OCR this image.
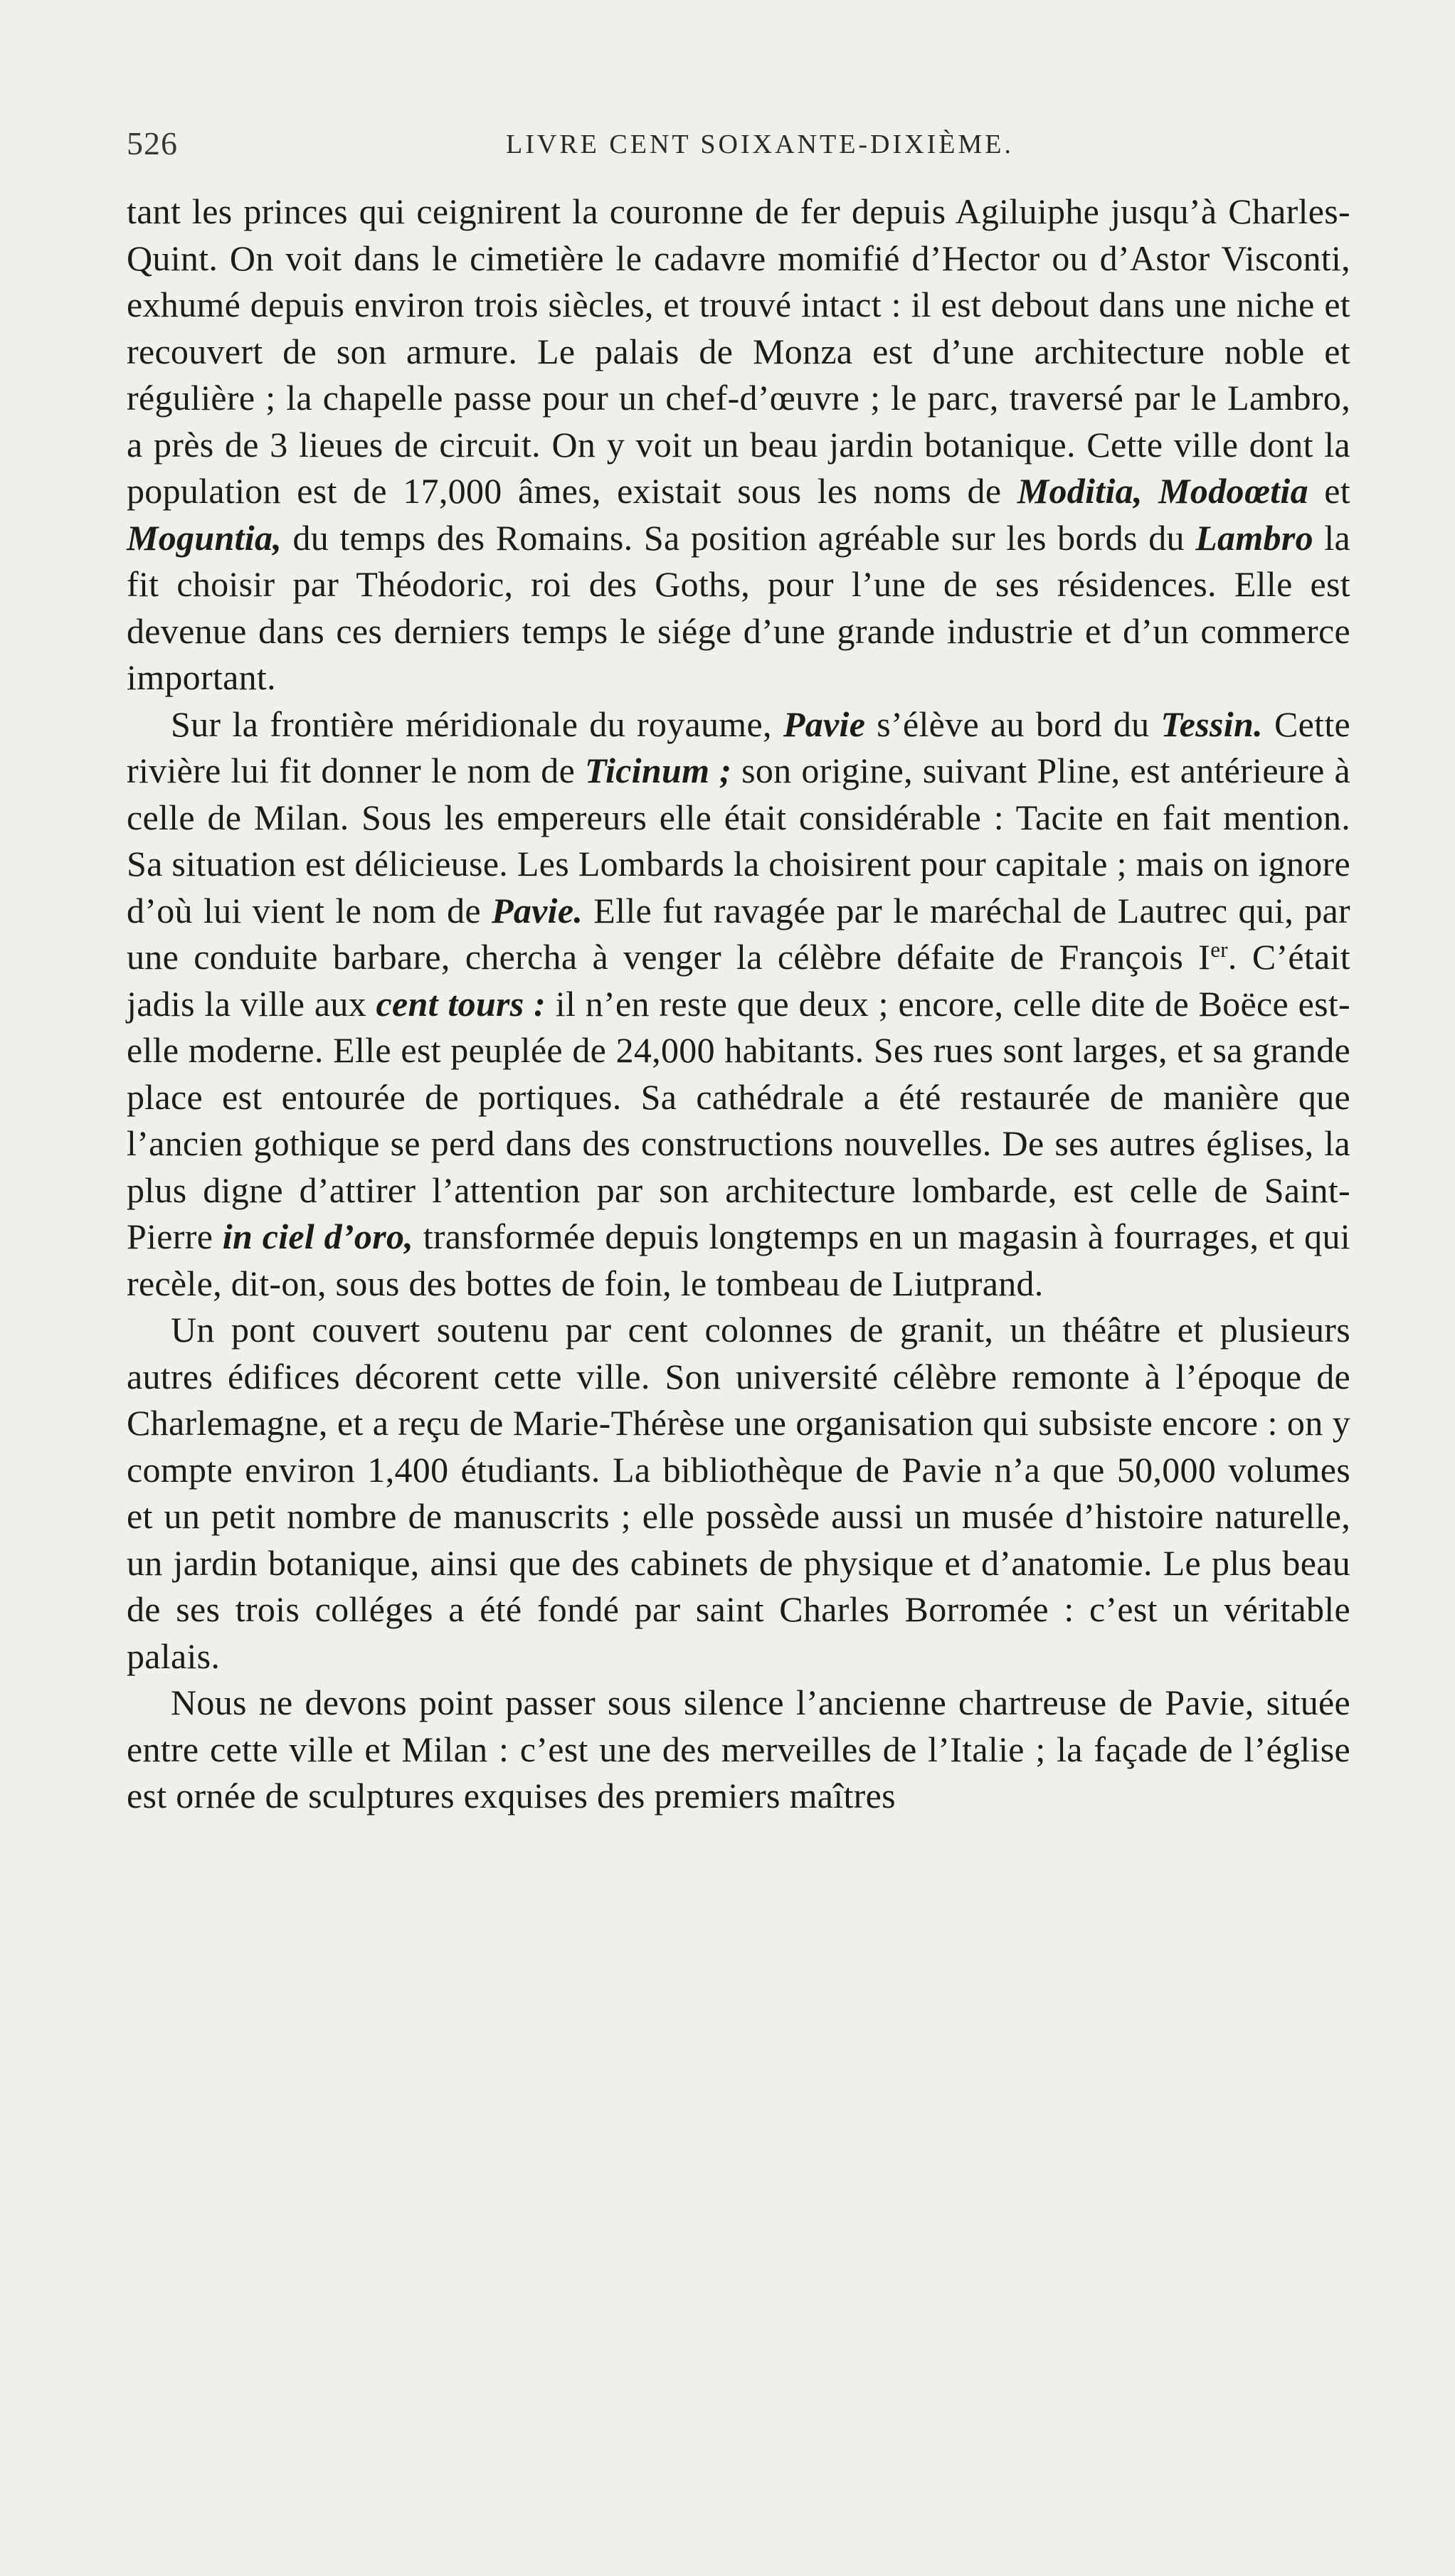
526	LIVRE CENT SOIXANTE-DIXIÈME.

tant les princes qui ceignirent la couronne de fer depuis Agiluiphe jusqu’à Charles-Quint. On voit dans le cimetière le cadavre momifié d’Hector ou d’Astor Visconti, exhumé depuis environ trois siècles, et trouvé intact : il est debout dans une niche et recouvert de son armure. Le palais de Monza est d’une architecture noble et régulière ; la chapelle passe pour un chef-d’œuvre ; le parc, traversé par le Lambro, a près de 3 lieues de circuit. On y voit un beau jardin botanique. Cette ville dont la population est de 17,000 âmes, existait sous les noms de Moditia, Modoœtia et Moguntia, du temps des Romains. Sa position agréable sur les bords du Lambro la fit choisir par Théodoric, roi des Goths, pour l’une de ses résidences. Elle est devenue dans ces derniers temps le siége d’une grande industrie et d’un commerce important.

Sur la frontière méridionale du royaume, Pavie s’élève au bord du Tessin. Cette rivière lui fit donner le nom de Ticinum ; son origine, suivant Pline, est antérieure à celle de Milan. Sous les empereurs elle était considérable : Tacite en fait mention. Sa situation est délicieuse. Les Lombards la choisirent pour capitale ; mais on ignore d’où lui vient le nom de Pavie. Elle fut ravagée par le maréchal de Lautrec qui, par une conduite barbare, chercha à venger la célèbre défaite de François Ier. C’était jadis la ville aux cent tours : il n’en reste que deux ; encore, celle dite de Boëce est-elle moderne. Elle est peuplée de 24,000 habitants. Ses rues sont larges, et sa grande place est entourée de portiques. Sa cathédrale a été restaurée de manière que l’ancien gothique se perd dans des constructions nouvelles. De ses autres églises, la plus digne d’attirer l’attention par son architecture lombarde, est celle de Saint-Pierre in ciel d’oro, transformée depuis longtemps en un magasin à fourrages, et qui recèle, dit-on, sous des bottes de foin, le tombeau de Liutprand.

Un pont couvert soutenu par cent colonnes de granit, un théâtre et plusieurs autres édifices décorent cette ville. Son université célèbre remonte à l’époque de Charlemagne, et a reçu de Marie-Thérèse une organisation qui subsiste encore : on y compte environ 1,400 étudiants. La bibliothèque de Pavie n’a que 50,000 volumes et un petit nombre de manuscrits ; elle possède aussi un musée d’histoire naturelle, un jardin botanique, ainsi que des cabinets de physique et d’anatomie. Le plus beau de ses trois colléges a été fondé par saint Charles Borromée : c’est un véritable palais.

Nous ne devons point passer sous silence l’ancienne chartreuse de Pavie, située entre cette ville et Milan : c’est une des merveilles de l’Italie ; la façade de l’église est ornée de sculptures exquises des premiers maîtres
